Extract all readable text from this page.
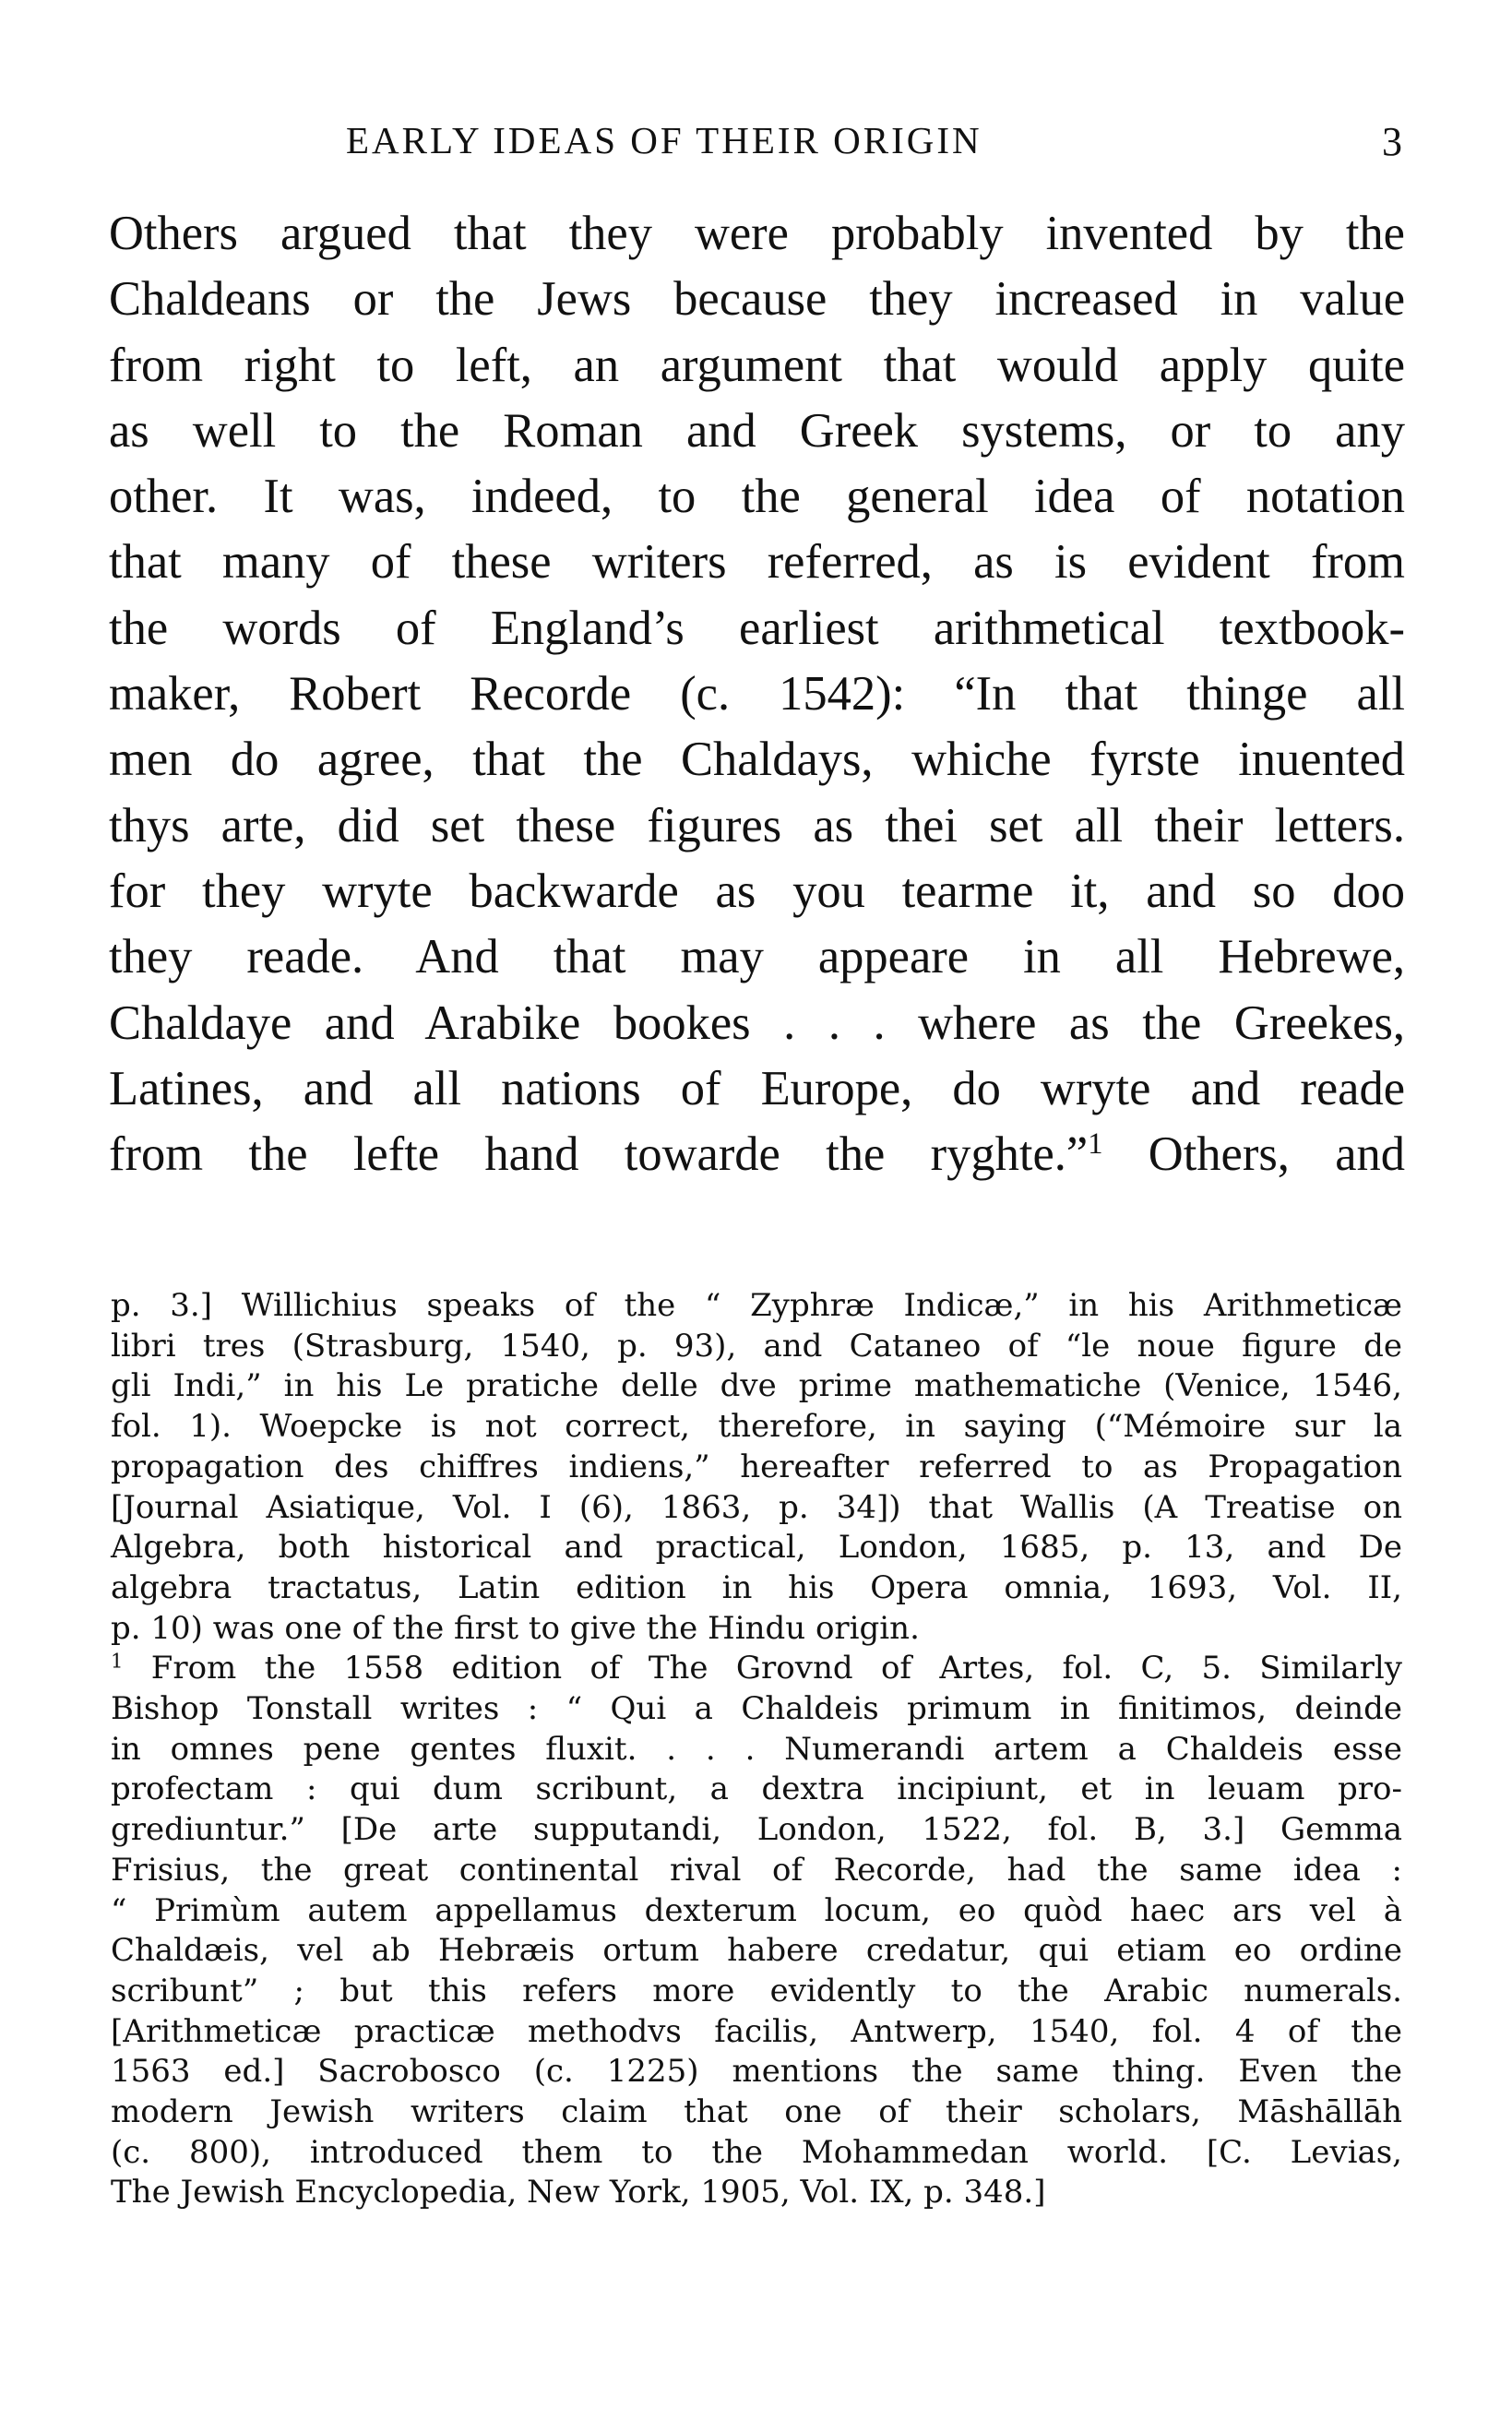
EARLY IDEAS OF THEIR ORIGIN	3
Others argued that they were probably invented by the
Chaldeans or the Jews because they increased in value
from right to left, an argument that would apply quite
as well to the Roman and Greek systems, or to any
other. It was, indeed, to the general idea of notation
that many of these writers referred, as is evident from
the words of England’s earliest arithmetical textbook-
maker, Robert Recorde (c. 1542): “In that thinge all
men do agree, that the Chaldays, whiche fyrste inuented
thys arte, did set these figures as thei set all their letters.
for they wryte backwarde as you tearme it, and so doo
they reade. And that may appeare in all Hebrewe,
Chaldaye and Arabike bookes . . . where as the Greekes,
Latines, and all nations of Europe, do wryte and reade
from the lefte hand towarde the ryghte.”$^1$ Others, and
p. 3.] Willichius speaks of the “ Zyphræ Indicæ,” in his Arithmeticæ
libri tres (Strasburg, 1540, p. 93), and Cataneo of “le noue figure de
gli Indi,” in his Le pratiche delle dve prime mathematiche (Venice, 1546,
fol. 1). Woepcke is not correct, therefore, in saying (“Mémoire sur la
propagation des chiffres indiens,” hereafter referred to as Propagation
[Journal Asiatique, Vol. I (6), 1863, p. 34]) that Wallis (A Treatise on
Algebra, both historical and practical, London, 1685, p. 13, and De
algebra tractatus, Latin edition in his Opera omnia, 1693, Vol. II,
p. 10) was one of the first to give the Hindu origin.
$^1$ From the 1558 edition of The Grovnd of Artes, fol. C, 5. Similarly
Bishop Tonstall writes : “ Qui a Chaldeis primum in finitimos, deinde
in omnes pene gentes fluxit. . . . Numerandi artem a Chaldeis esse
profectam : qui dum scribunt, a dextra incipiunt, et in leuam pro-
grediuntur.” [De arte supputandi, London, 1522, fol. B, 3.] Gemma
Frisius, the great continental rival of Recorde, had the same idea :
“ Primùm autem appellamus dexterum locum, eo quòd haec ars vel à
Chaldæis, vel ab Hebræis ortum habere credatur, qui etiam eo ordine
scribunt” ; but this refers more evidently to the Arabic numerals.
[Arithmeticæ practicæ methodvs facilis, Antwerp, 1540, fol. 4 of the
1563 ed.] Sacrobosco (c. 1225) mentions the same thing. Even the
modern Jewish writers claim that one of their scholars, Māshāllāh
(c. 800), introduced them to the Mohammedan world. [C. Levias,
The Jewish Encyclopedia, New York, 1905, Vol. IX, p. 348.]
